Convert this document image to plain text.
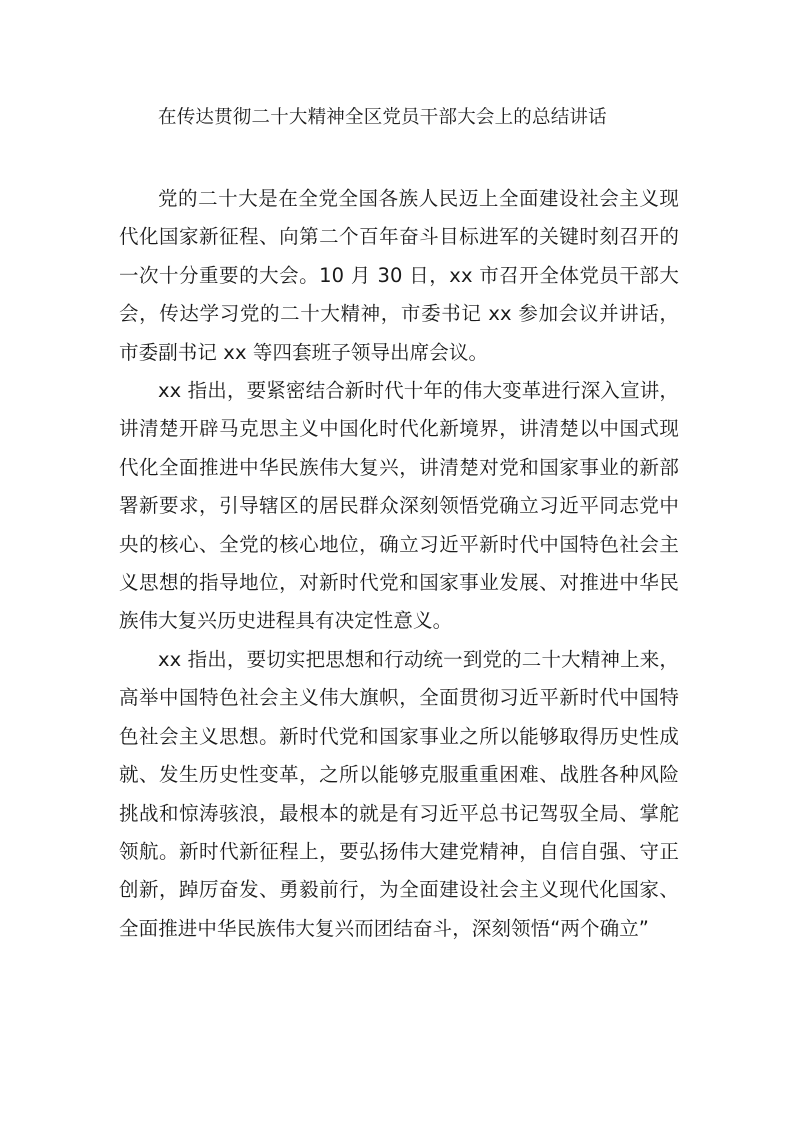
在传达贯彻二十大精神全区党员干部大会上的总结讲话

党的二十大是在全党全国各族人民迈上全面建设社会主义现代化国家新征程、向第二个百年奋斗目标进军的关键时刻召开的一次十分重要的大会。10 月 30 日，xx 市召开全体党员干部大会，传达学习党的二十大精神，市委书记 xx 参加会议并讲话，市委副书记 xx 等四套班子领导出席会议。

xx 指出，要紧密结合新时代十年的伟大变革进行深入宣讲，讲清楚开辟马克思主义中国化时代化新境界，讲清楚以中国式现代化全面推进中华民族伟大复兴，讲清楚对党和国家事业的新部署新要求，引导辖区的居民群众深刻领悟党确立习近平同志党中央的核心、全党的核心地位，确立习近平新时代中国特色社会主义思想的指导地位，对新时代党和国家事业发展、对推进中华民族伟大复兴历史进程具有决定性意义。

xx 指出，要切实把思想和行动统一到党的二十大精神上来，高举中国特色社会主义伟大旗帜，全面贯彻习近平新时代中国特色社会主义思想。新时代党和国家事业之所以能够取得历史性成就、发生历史性变革，之所以能够克服重重困难、战胜各种风险挑战和惊涛骇浪，最根本的就是有习近平总书记驾驭全局、掌舵领航。新时代新征程上，要弘扬伟大建党精神，自信自强、守正创新，踔厉奋发、勇毅前行，为全面建设社会主义现代化国家、全面推进中华民族伟大复兴而团结奋斗，深刻领悟“两个确立”
